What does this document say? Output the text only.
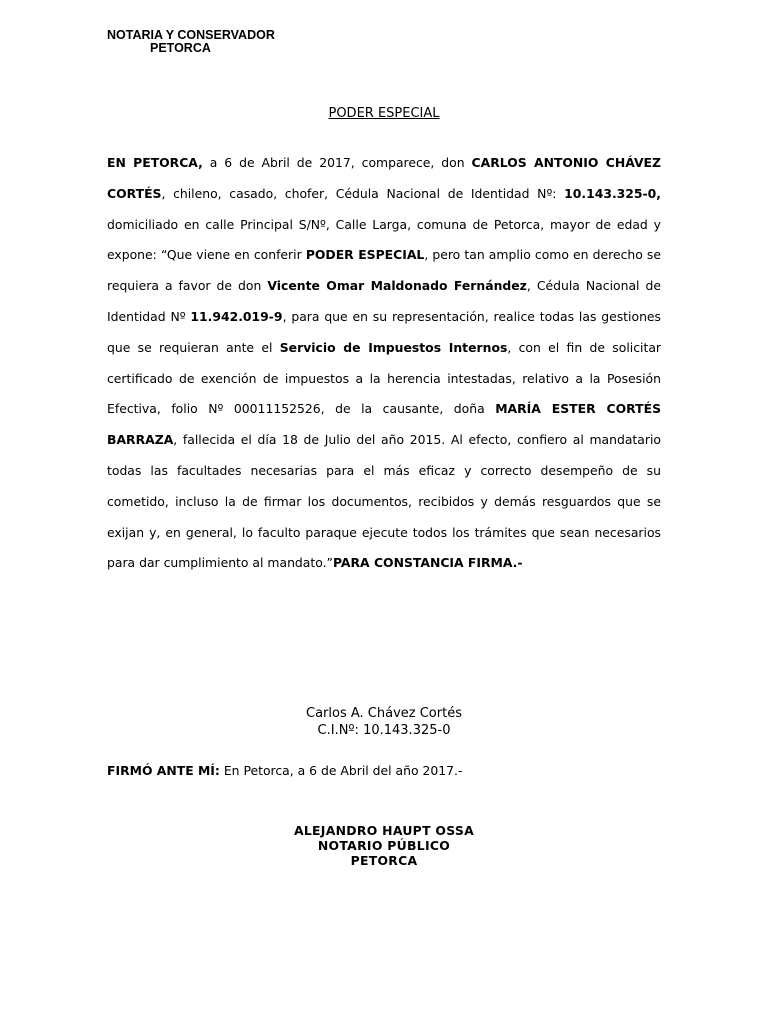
NOTARIA Y CONSERVADOR
PETORCA
PODER ESPECIAL
EN PETORCA, a 6 de Abril de 2017, comparece, don CARLOS ANTONIO CHÁVEZ CORTÉS, chileno, casado, chofer, Cédula Nacional de Identidad Nº: 10.143.325-0, domiciliado en calle Principal S/Nº, Calle Larga, comuna de Petorca, mayor de edad y expone: “Que viene en conferir PODER ESPECIAL, pero tan amplio como en derecho se requiera a favor de don Vicente Omar Maldonado Fernández, Cédula Nacional de Identidad Nº 11.942.019-9, para que en su representación, realice todas las gestiones que se requieran ante el Servicio de Impuestos Internos, con el fin de solicitar certificado de exención de impuestos a la herencia intestadas, relativo a la Posesión Efectiva, folio Nº 00011152526, de la causante, doña MARÍA ESTER CORTÉS BARRAZA, fallecida el día 18 de Julio del año 2015. Al efecto, confiero al mandatario todas las facultades necesarias para el más eficaz y correcto desempeño de su cometido, incluso la de firmar los documentos, recibidos y demás resguardos que se exijan y, en general, lo faculto paraque ejecute todos los trámites que sean necesarios para dar cumplimiento al mandato.”PARA CONSTANCIA FIRMA.-
Carlos A. Chávez Cortés
C.I.Nº: 10.143.325-0
FIRMÓ ANTE MÍ: En Petorca, a 6 de Abril del año 2017.-
ALEJANDRO HAUPT OSSA
NOTARIO PÚBLICO
PETORCA
